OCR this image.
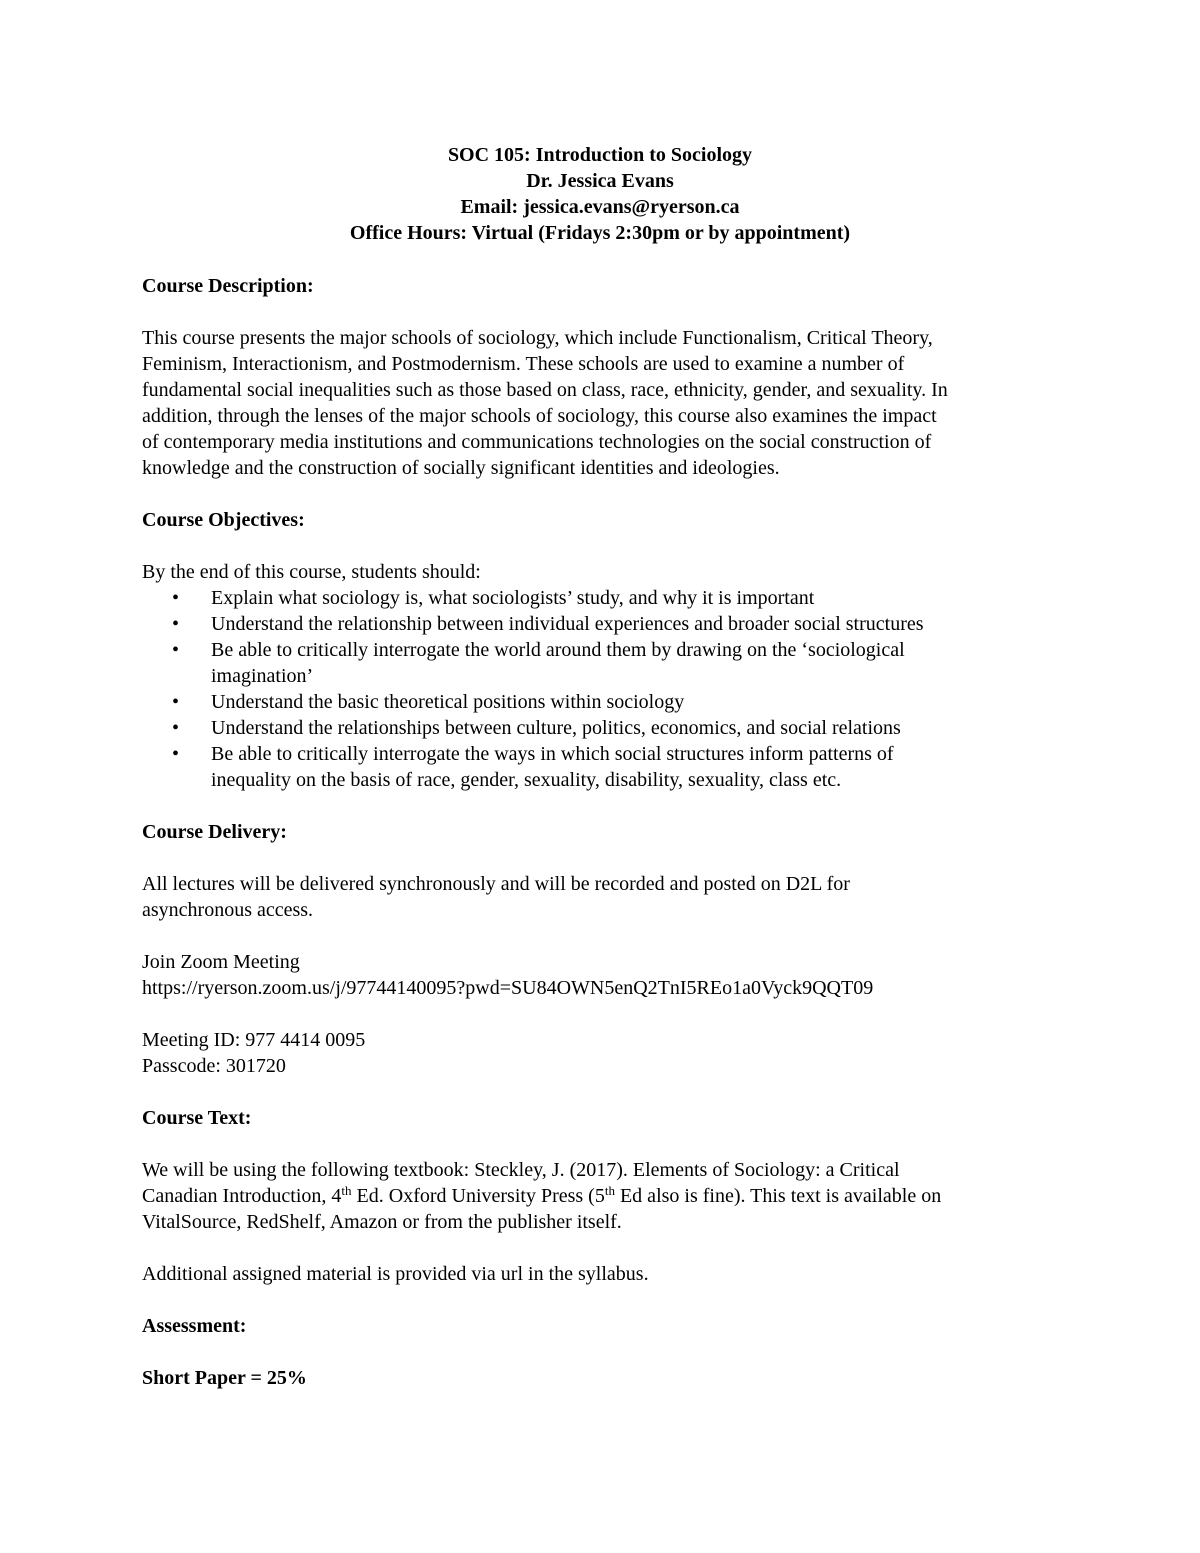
SOC 105: Introduction to Sociology
Dr. Jessica Evans
Email: jessica.evans@ryerson.ca
Office Hours: Virtual (Fridays 2:30pm or by appointment)
Course Description:
This course presents the major schools of sociology, which include Functionalism, Critical Theory,
Feminism, Interactionism, and Postmodernism. These schools are used to examine a number of
fundamental social inequalities such as those based on class, race, ethnicity, gender, and sexuality. In
addition, through the lenses of the major schools of sociology, this course also examines the impact
of contemporary media institutions and communications technologies on the social construction of
knowledge and the construction of socially significant identities and ideologies.
Course Objectives:
By the end of this course, students should:
• Explain what sociology is, what sociologists’ study, and why it is important
• Understand the relationship between individual experiences and broader social structures
• Be able to critically interrogate the world around them by drawing on the ‘sociological
imagination’
• Understand the basic theoretical positions within sociology
• Understand the relationships between culture, politics, economics, and social relations
• Be able to critically interrogate the ways in which social structures inform patterns of
inequality on the basis of race, gender, sexuality, disability, sexuality, class etc.
Course Delivery:
All lectures will be delivered synchronously and will be recorded and posted on D2L for
asynchronous access.
Join Zoom Meeting
https://ryerson.zoom.us/j/97744140095?pwd=SU84OWN5enQ2TnI5REo1a0Vyck9QQT09
Meeting ID: 977 4414 0095
Passcode: 301720
Course Text:
We will be using the following textbook: Steckley, J. (2017). Elements of Sociology: a Critical
Canadian Introduction, 4th Ed. Oxford University Press (5th Ed also is fine). This text is available on
VitalSource, RedShelf, Amazon or from the publisher itself.
Additional assigned material is provided via url in the syllabus.
Assessment:
Short Paper = 25%
